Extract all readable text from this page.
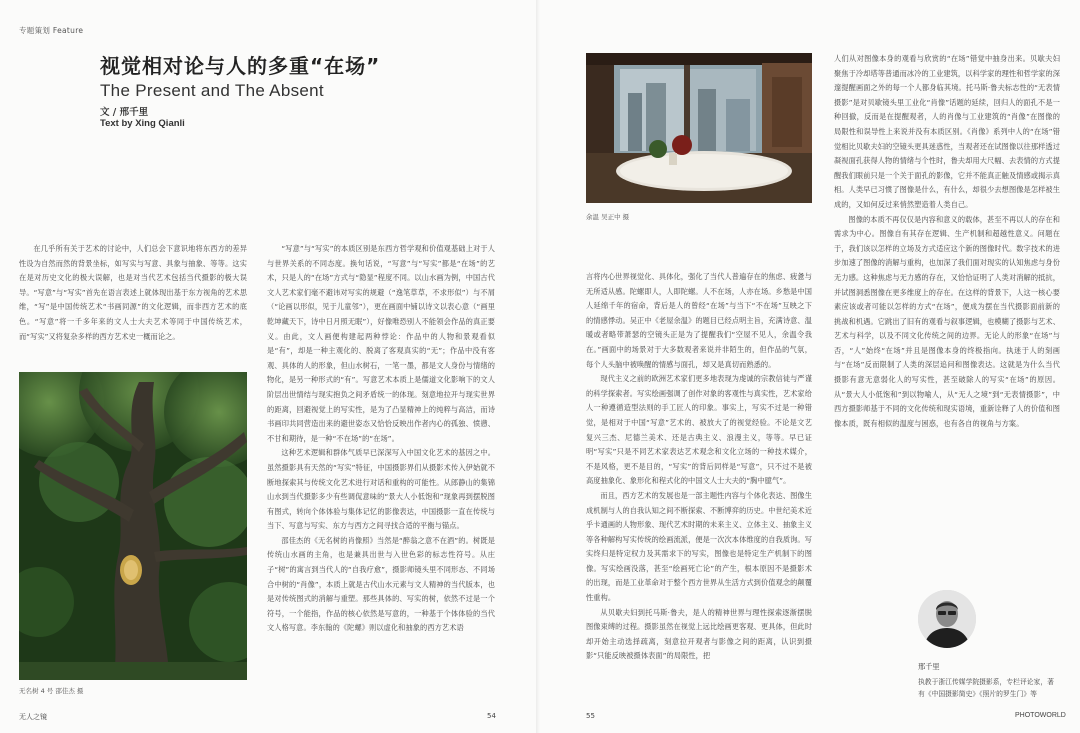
专题策划 Feature
视觉相对论与人的多重“在场”
The Present and The Absent
文 / 邢千里
Text by Xing Qianli

在几乎所有关于艺术的讨论中，人们总会下意识地将东西方的差异性设为自然而然的背景坐标，如写实与写意、具象与抽象、等等。这实在是对历史文化的极大误解，也是对当代艺术包括当代摄影的极大误导。“写意”与“写实”首先在语言表述上就体现出基于东方视角的艺术思维，“写”是中国传统艺术“书画同源”的文化逻辑，而非西方艺术的底色。“写意”将一千多年来的文人士大夫艺术等同于中国传统艺术，而“写实”又将复杂多样的西方艺术史一概而论之。

无名树 4 号 邵佳杰 摄

“写意”与“写实”的本质区别是东西方哲学观和价值观基础上对于人与世界关系的不同态度。换句话说，“写意”与“写实”都是“在场”的艺术，只是人的“在场”方式与“隐显”程度不同。以山水画为例，中国古代文人艺术家们毫不避讳对写实的规避（“逸笔草草，不求形似”）与不屑（“论画以形似，见于儿童邻”），更在画面中铺以诗文以表心意（“画里乾坤藏天下，诗中日月照无眠”），好像唯恐别人不能领会作品的真正要义。由此，文人画便构建起两种悖论：作品中的人物和景观看似是“有”，却是一种主观化的、脱离了客观真实的“无”；作品中没有客观、具体的人的形象，但山水树石，一笔一墨，都是文人身份与情绪的物化，是另一种形式的“有”。写意艺术本质上是儒道文化影响下的文人阶层出世情结与现实抱负之间矛盾统一的体现。刻意地拉开与现实世界的距离，回避视觉上的写实性，是为了凸显精神上的纯粹与高洁，而诗书画印共同营造出来的避世姿态又恰恰反映出作者内心的孤独、愤懑、不甘和期待，是一种“不在场”的“在场”。

这种艺术逻辑和群体气质早已深深写入中国文化艺术的基因之中。虽然摄影具有天然的“写实”特征，中国摄影界们从摄影术传入伊始就不断地探索其与传统文化艺术进行对话和重构的可能性。从郎静山的集锦山水到当代摄影多少有些调侃意味的“景大人小低饱和”现象再到摆脱图有图式，转向个体体验与集体记忆的影像表达，中国摄影一直在传统与当下、写意与写实、东方与西方之间寻找合适的平衡与锚点。

邵佳杰的《无名树的肖像照》当然是“醉翁之意不在酒”的。树既是传统山水画的主角，也是兼具出世与入世色彩的标志性符号。从庄子“树”的寓言到当代人的“自我疗愈”，摄影师镜头里不同形态、不同场合中树的“肖像”，本质上就是古代山水元素与文人精神的当代版本，也是对传统图式的消解与重塑。那些具体的、写实的树，依然不过是一个符号，一个能指，作品的核心依然是写意的，一种基于个体体验的当代文人格写意。李东翰的《陀螺》则以虚化和抽象的西方艺术语

无人之镜	54
余温 吴正中 摄

言将内心世界视觉化、具体化，强化了当代人普遍存在的焦虑、疲惫与无所适从感。陀螺即人，人即陀螺。人不在场，人亦在场。乡愁是中国人延绵千年的宿命，背后是人的曾经“在场”与当下“不在场”互映之下的情感悸动。吴正中《老屋余温》的题目已经点明主旨，充满诗意、温暖或者略带萧瑟的空镜头正是为了提醒我们“空屋不见人，余温令我在。”画面中的场景对于大多数观者来说并非陌生的，但作品的气氛，每个人头脑中被唤醒的情感与面孔，却又是真切而熟悉的。

现代主义之前的欧洲艺术家们更多地表现为虔诚的宗教信徒与严谨的科学探索者。写实绘画强调了创作对象的客观性与真实性，艺术家给人一种遵循造型法则的手工匠人的印象。事实上，写实不过是一种错觉，是相对于中国“写意”艺术的、被放大了的视觉经验。不论是文艺复兴三杰、尼德兰美术、还是古典主义、浪漫主义，等等。早已证明“写实”只是不同艺术家表达艺术观念和文化立场的一种技术媒介，不是风格，更不是目的，“写实”的背后同样是“写意”，只不过不是被高度抽象化、象形化和程式化的中国文人士大夫的“胸中臆气”。

而且，西方艺术的发展也是一部主题性内容与个体化表达、图像生成机制与人的自我认知之间不断探索、不断博弈的历史。中世纪美术近乎卡通画的人物形象、现代艺术时期的未来主义、立体主义、抽象主义等各种解构写实传统的绘画流派，便是一次次本体维度的自我质询。写实终归是特定权力及其需求下的写实，图像也是特定生产机制下的图像。写实绘画没落，甚至“绘画死亡论”的产生，根本原因不是摄影术的出现，而是工业革命对于整个西方世界从生活方式到价值观念的颠覆性重构。

从贝歇夫妇到托马斯·鲁夫，是人的精神世界与理性探索逐渐摆脱图像束缚的过程。摄影虽然在视觉上远比绘画更客观、更具体，但此时却开始主动选择疏离，刻意拉开观者与影像之间的距离，认识到摄影“只能反映被摄体表面”的局限性，把

人们从对图像本身的观看与欣赏的“在场”错觉中抽身出来。贝歇夫妇聚焦于冷却塔等普通而冰冷的工业建筑，以科学家的理性和哲学家的深邃提醒画面之外的每一个人都身临其境。托马斯·鲁夫标志性的“无表情摄影”是对贝歇镜头里工业化“肖像”话题的延续，回归人的面孔不是一种回撤，反而是在提醒观者，人的肖像与工业建筑的“肖像”在图像的局限性和误导性上来说并没有本质区别。《肖像》系列中人的“在场”错觉相比贝歇夫妇的空镜头更具迷惑性，当观者还在试图像以往那样透过凝视面孔获得人物的情绪与个性时，鲁夫却用大尺幅、去表情的方式提醒我们眼前只是一个关于面孔的影像，它并不能真正触及情感或揭示真相。人类早已习惯了图像是什么，有什么，却很少去想图像是怎样被生成的，又如何反过来悄然塑造着人类自己。

图像的本质不再仅仅是内容和意义的载体，甚至不再以人的存在和需求为中心。图像自有其存在逻辑、生产机制和超越性意义。问题在于，我们该以怎样的立场及方式适应这个新的图像时代。数字技术的进步加速了图像的消解与重构，也加深了我们面对现实的认知焦虑与身份无力感。这种焦虑与无力感的存在，又恰恰证明了人类对消解的抵抗，并试图洞悉图像在更多维度上的存在。在这样的背景下，人这一核心要素应该或者可能以怎样的方式“在场”，便成为摆在当代摄影面前新的挑战和机遇。它跳出了旧有的观看与叙事逻辑，也模糊了摄影与艺术、艺术与科学，以及不同文化传统之间的边界。无论人的形象“在场”与否，“人”始终“在场”并且是图像本身的终极指向。执迷于人的刻画与“在场”反而限制了人类的深层追问和图像表达。这就是为什么当代摄影有意无意弱化人的写实性，甚至破除人的写实“在场”的原因。从“景大人小低饱和”到以物喻人，从“无人之境”到“无表情摄影”，中西方摄影师基于不同的文化传统和现实语境，重新诠释了人的价值和图像本质，既有相似的温度与困惑，也有各自的视角与方案。

邢千里
执教于浙江传媒学院摄影系，专栏评论家，著有《中国摄影简史》《照片的罗生门》等
55	PHOTOWORLD
